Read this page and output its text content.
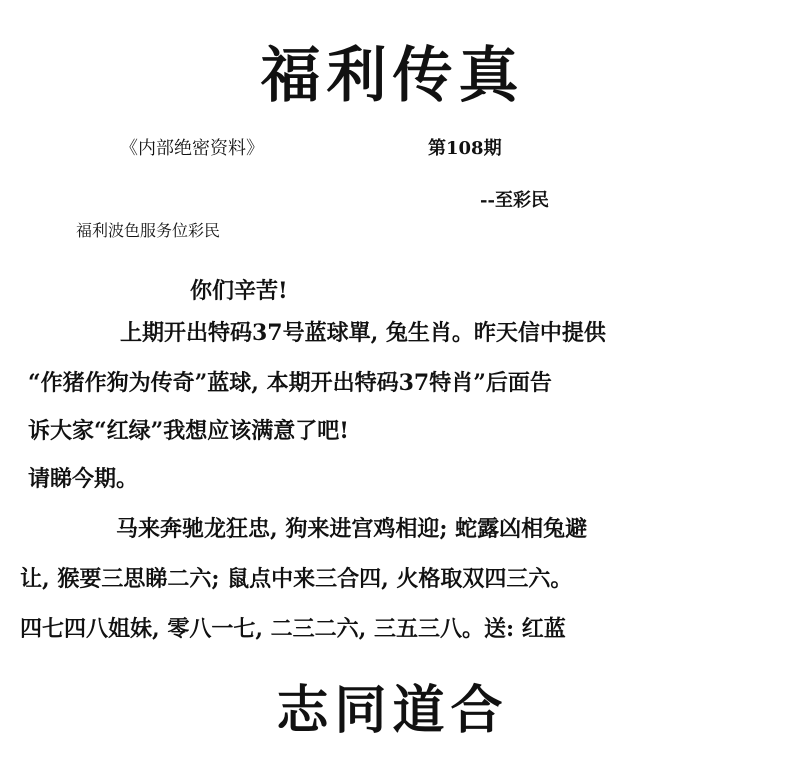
福利传真
《内部绝密资料》	第108期
--至彩民
福利波色服务位彩民
你们辛苦!
上期开出特码37号蓝球單, 兔生肖。昨天信中提供
“作猪作狗为传奇”蓝球, 本期开出特码37特肖”后面告
诉大家“红绿”我想应该满意了吧!
请睇今期。
马来奔驰龙狂忠, 狗来进宫鸡相迎; 蛇露凶相兔避
让, 猴要三思睇二六; 鼠点中来三合四, 火格取双四三六。
四七四八姐妹, 零八一七, 二三二六, 三五三八。送: 红蓝
志同道合
